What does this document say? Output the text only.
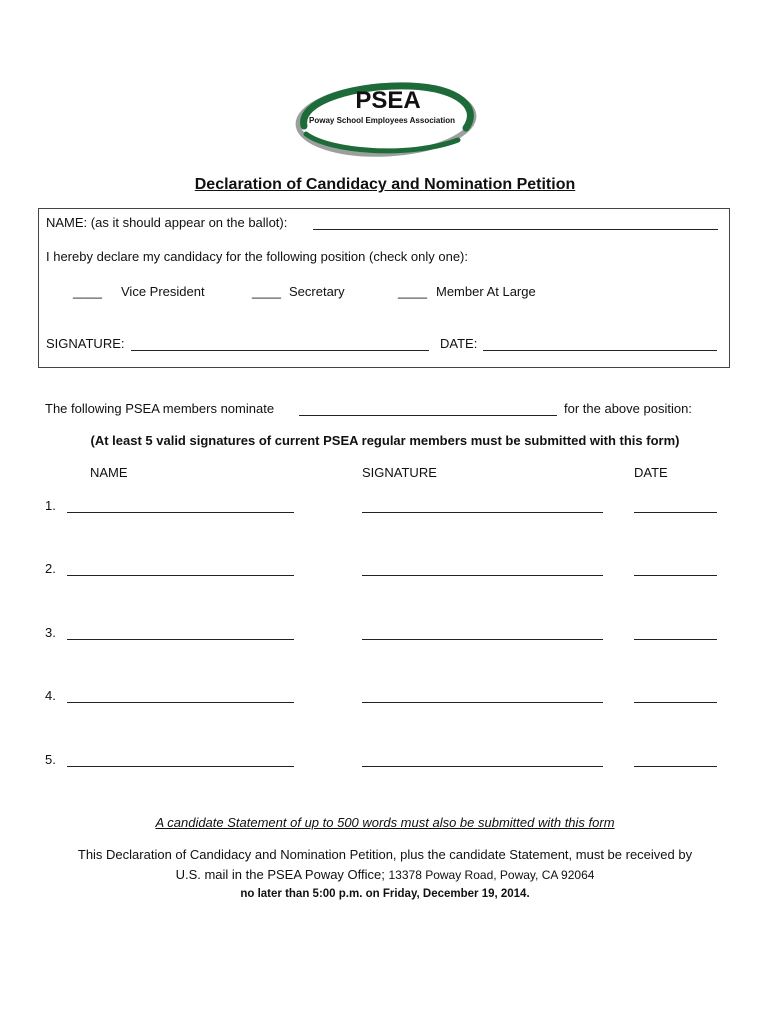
PSEA
Poway School Employees Association
Declaration of Candidacy and Nomination Petition
NAME: (as it should appear on the ballot):
I hereby declare my candidacy for the following position (check only one):
____ Vice President	____ Secretary	____ Member At Large
SIGNATURE:	DATE:
The following PSEA members nominate	for the above position:
(At least 5 valid signatures of current PSEA regular members must be submitted with this form)
NAME	SIGNATURE	DATE
1.
2.
3.
4.
5.
A candidate Statement of up to 500 words must also be submitted with this form
This Declaration of Candidacy and Nomination Petition, plus the candidate Statement, must be received by
U.S. mail in the PSEA Poway Office; 13378 Poway Road, Poway, CA 92064
no later than 5:00 p.m. on Friday, December 19, 2014.
